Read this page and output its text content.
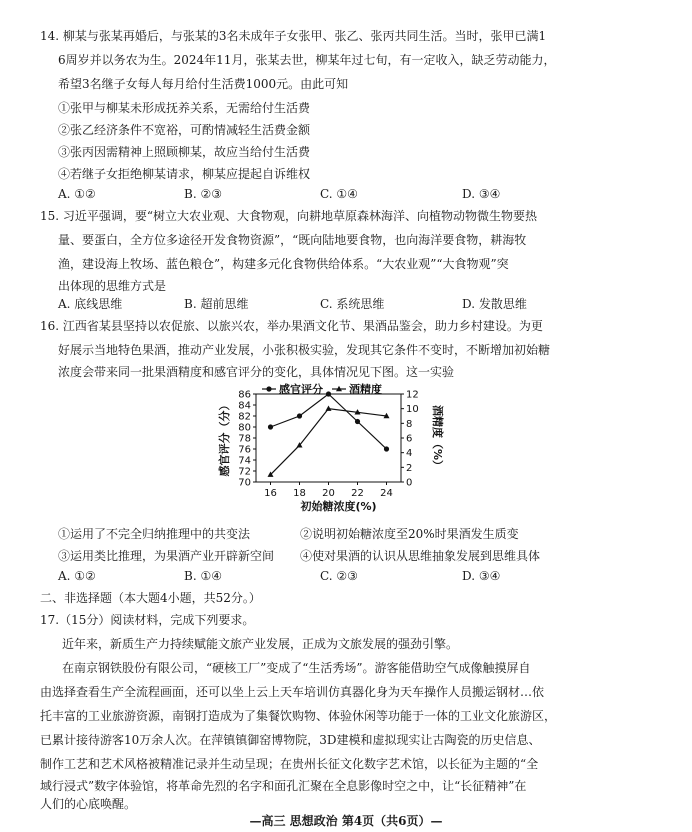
14. 柳某与张某再婚后，与张某的3名未成年子女张甲、张乙、张丙共同生活。当时，张甲已满1
6周岁并以务农为生。2024年11月，张某去世，柳某年过七旬，有一定收入，缺乏劳动能力，
希望3名继子女每人每月给付生活费1000元。由此可知
①张甲与柳某未形成抚养关系，无需给付生活费
②张乙经济条件不宽裕，可酌情减轻生活费金额
③张丙因需精神上照顾柳某，故应当给付生活费
④若继子女拒绝柳某请求，柳某应提起自诉维权
A. ①②	B. ②③	C. ①④	D. ③④
15. 习近平强调，要“树立大农业观、大食物观，向耕地草原森林海洋、向植物动物微生物要热
量、要蛋白，全方位多途径开发食物资源”，“既向陆地要食物，也向海洋要食物，耕海牧
渔，建设海上牧场、蓝色粮仓”，构建多元化食物供给体系。“大农业观”“大食物观”突
出体现的思维方式是
A. 底线思维	B. 超前思维	C. 系统思维	D. 发散思维
16. 江西省某县坚持以农促旅、以旅兴农，举办果酒文化节、果酒品鉴会，助力乡村建设。为更
好展示当地特色果酒，推动产业发展，小张积极实验，发现其它条件不变时，不断增加初始糖
浓度会带来同一批果酒精度和感官评分的变化，具体情况见下图。这一实验
70
72
74
76
78
80
82
84
86
0
2
4
6
8
10
12
16 18 20 22 24
初始糖浓度(%)
感官评分（分）	酒精度（%）
感官评分 酒精度
①运用了不完全归纳推理中的共变法	②说明初始糖浓度至20%时果酒发生质变
③运用类比推理，为果酒产业开辟新空间 ④使对果酒的认识从思维抽象发展到思维具体
A. ①②	B. ①④	C. ②③	D. ③④
二、非选择题（本大题4小题，共52分。）
17.（15分）阅读材料，完成下列要求。
近年来，新质生产力持续赋能文旅产业发展，正成为文旅发展的强劲引擎。
在南京钢铁股份有限公司，“硬核工厂”变成了“生活秀场”。游客能借助空气成像触摸屏自
由选择查看生产全流程画面，还可以坐上云上天车培训仿真器化身为天车操作人员搬运钢材…依
托丰富的工业旅游资源，南钢打造成为了集餐饮购物、体验休闲等功能于一体的工业文化旅游区，
已累计接待游客10万余人次。在萍镇镇御窑博物院，3D建模和虚拟现实让古陶瓷的历史信息、
制作工艺和艺术风格被精准记录并生动呈现；在贵州长征文化数字艺术馆，以长征为主题的“全
域行浸式”数字体验馆，将革命先烈的名字和面孔汇聚在全息影像时空之中，让“长征精神”在
人们的心底唤醒。
—高三 思想政治 第4页（共6页）—
